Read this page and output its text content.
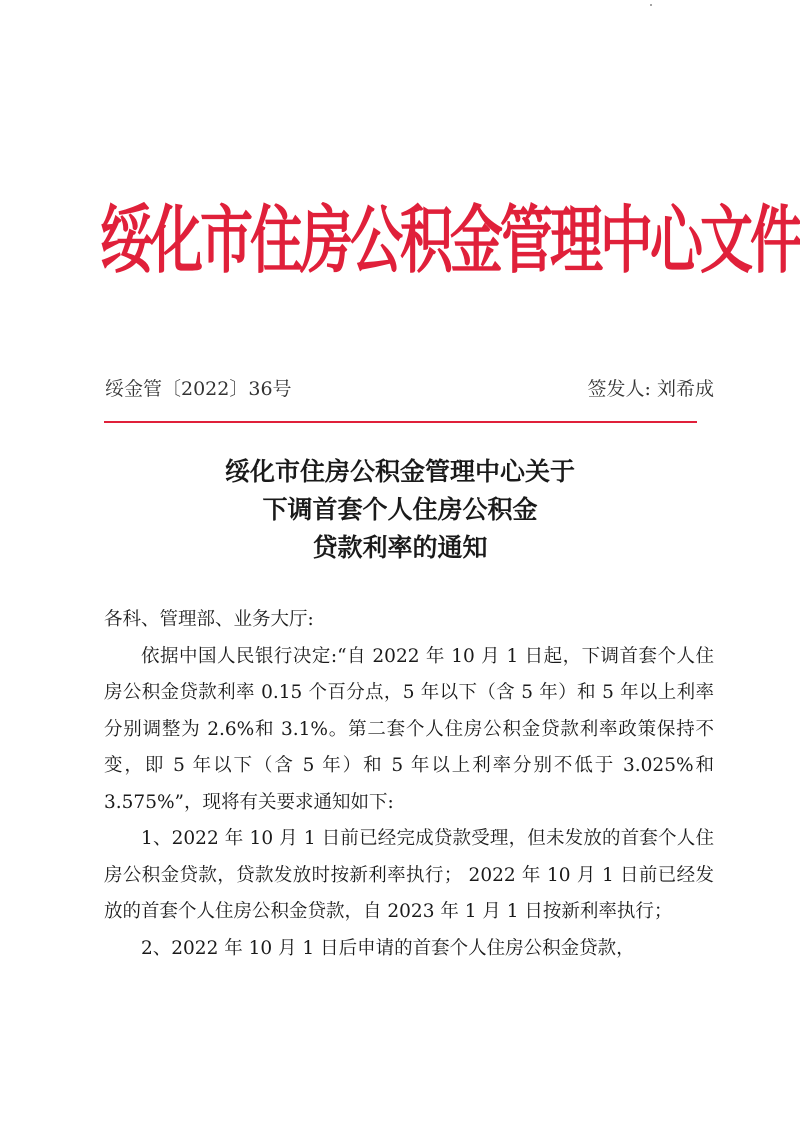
绥化市住房公积金管理中心文件
绥金管〔2022〕36号	签发人: 刘希成
绥化市住房公积金管理中心关于
下调首套个人住房公积金
贷款利率的通知

各科、管理部、业务大厅:

依据中国人民银行决定:“自 2022 年 10 月 1 日起，下调首套个人住房公积金贷款利率 0.15 个百分点，5 年以下（含 5 年）和 5 年以上利率分别调整为 2.6%和 3.1%。第二套个人住房公积金贷款利率政策保持不变，即 5 年以下（含 5 年）和 5 年以上利率分别不低于 3.025%和 3.575%”，现将有关要求通知如下:

1、2022 年 10 月 1 日前已经完成贷款受理，但未发放的首套个人住房公积金贷款，贷款发放时按新利率执行； 2022 年 10 月 1 日前已经发放的首套个人住房公积金贷款，自 2023 年 1 月 1 日按新利率执行；

2、2022 年 10 月 1 日后申请的首套个人住房公积金贷款，
